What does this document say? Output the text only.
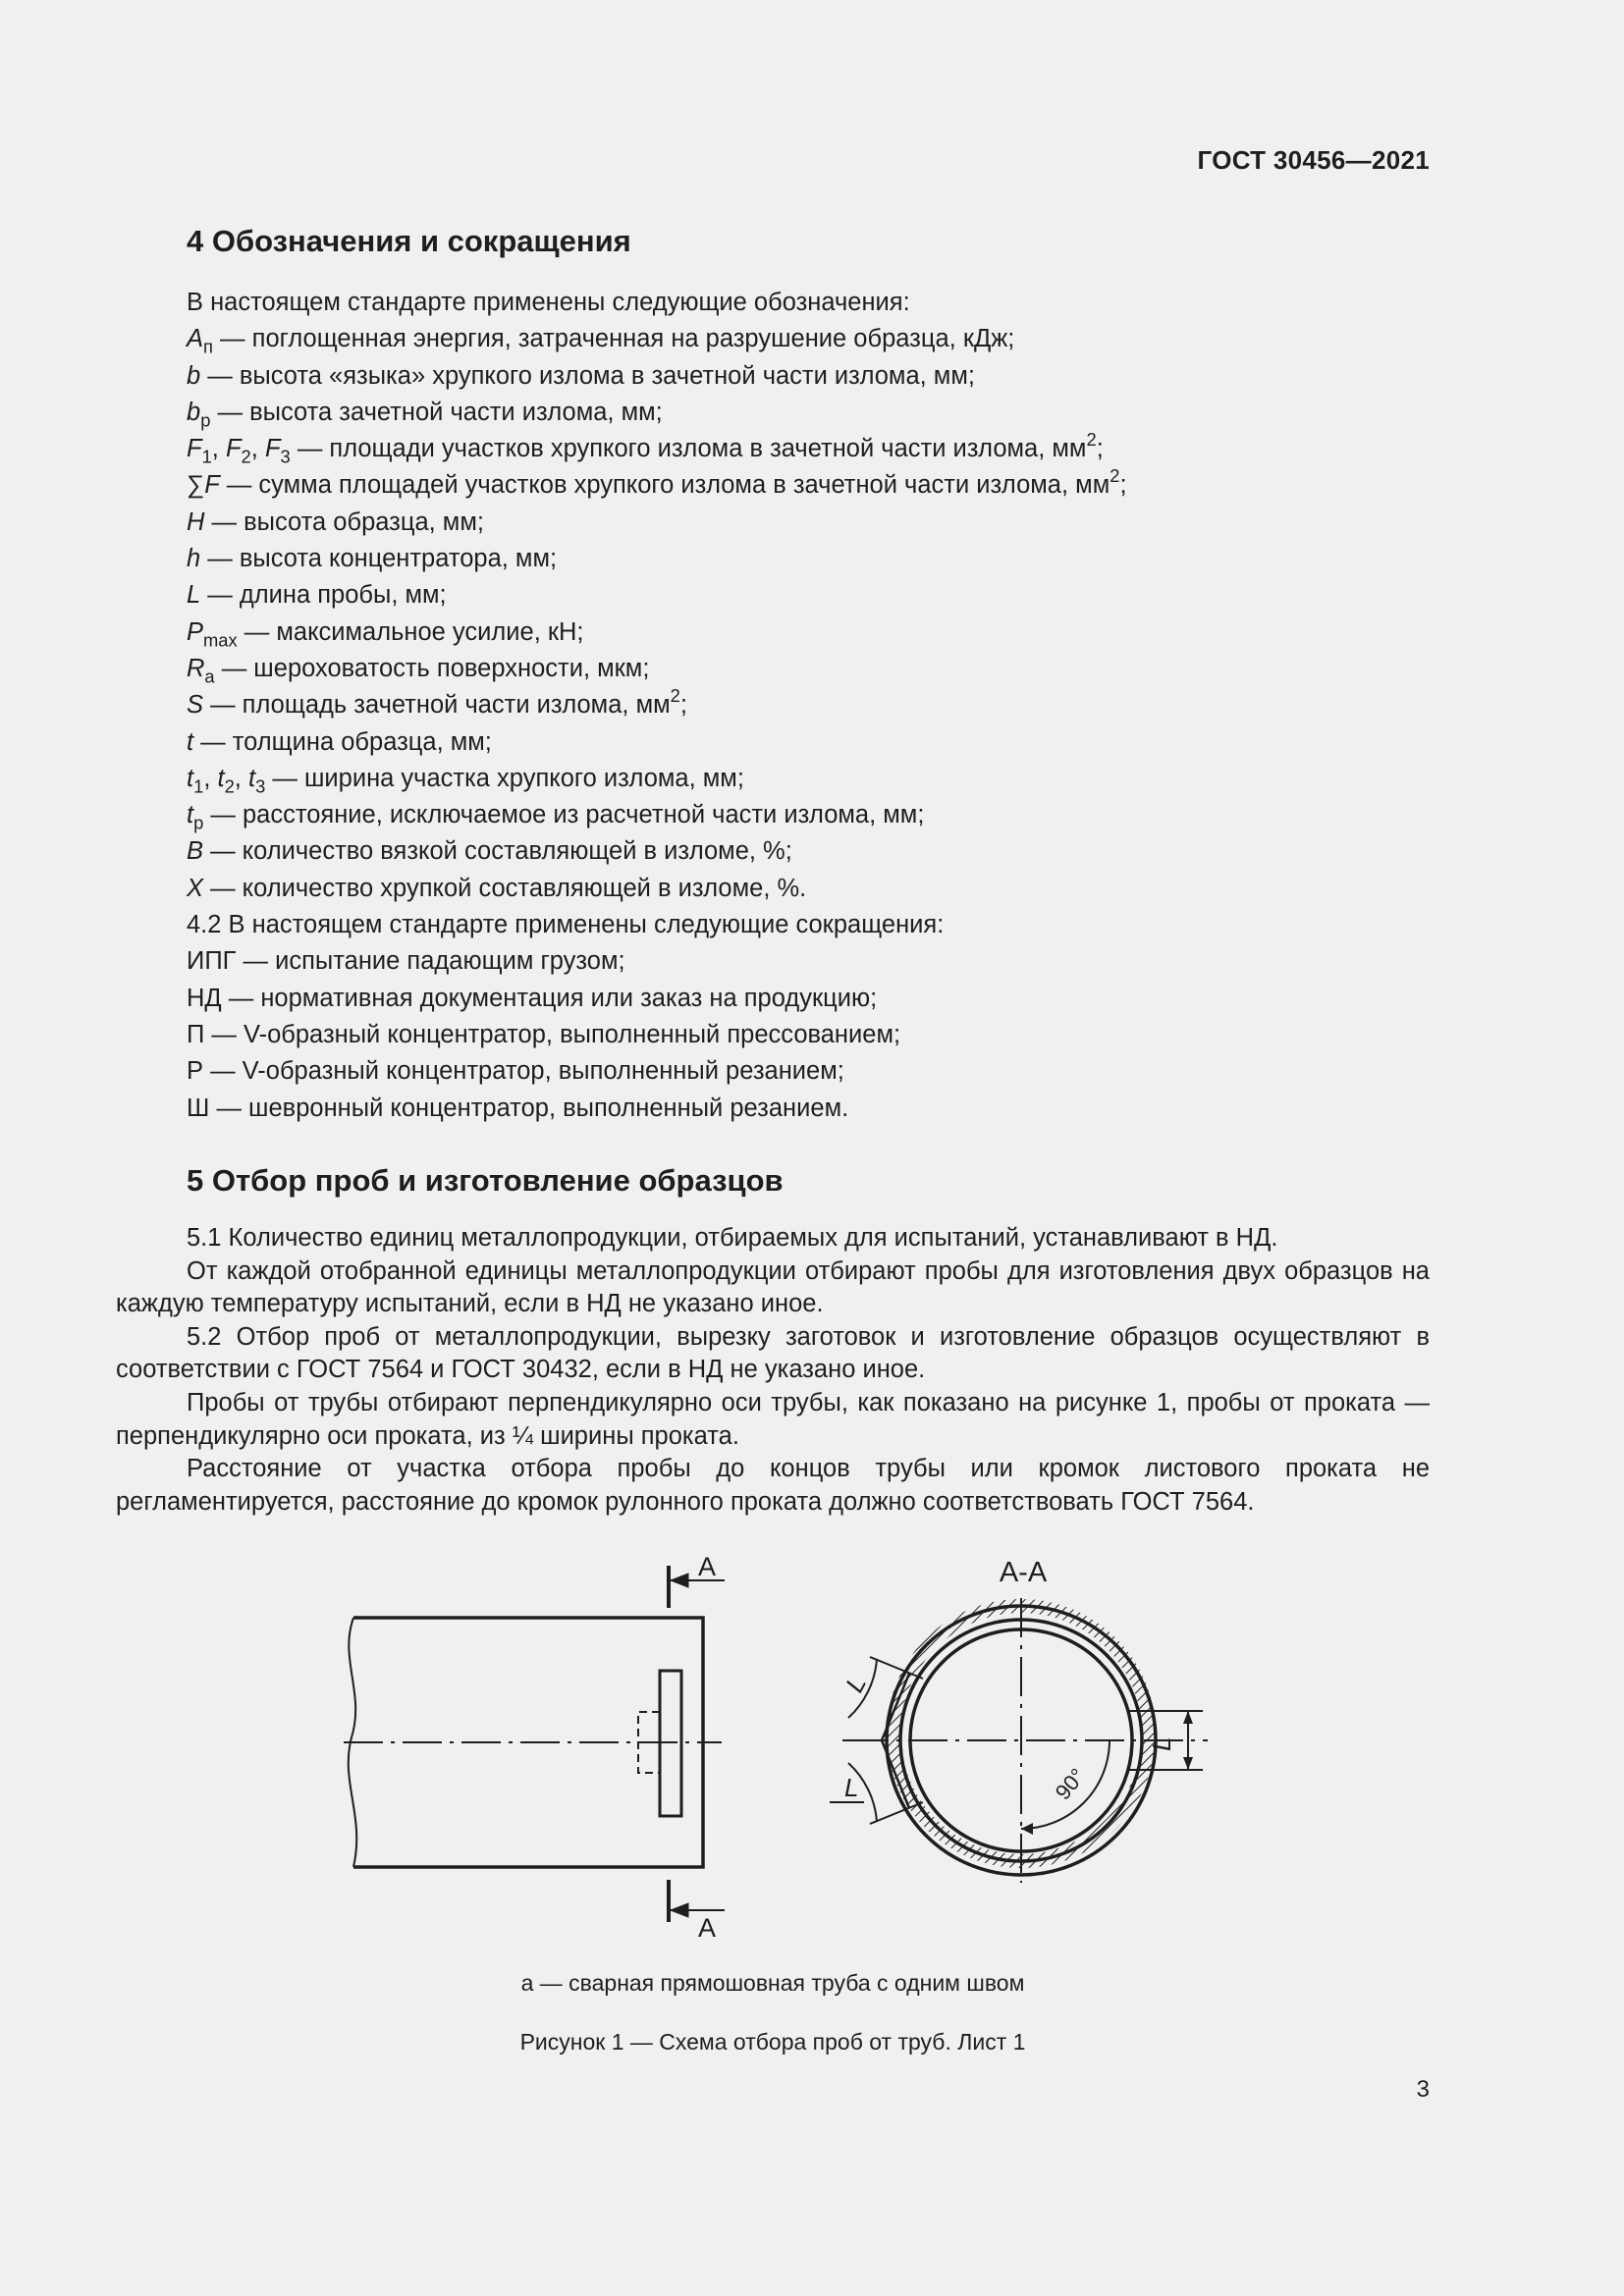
ГОСТ 30456—2021
4 Обозначения и сокращения
В настоящем стандарте применены следующие обозначения:
$A_п$ — поглощенная энергия, затраченная на разрушение образца, кДж;
b — высота «языка» хрупкого излома в зачетной части излома, мм;
$b_р$ — высота зачетной части излома, мм;
$F_1$, $F_2$, $F_3$ — площади участков хрупкого излома в зачетной части излома, $мм^2$;
∑F — сумма площадей участков хрупкого излома в зачетной части излома, $мм^2$;
H — высота образца, мм;
h — высота концентратора, мм;
L — длина пробы, мм;
$P_{max}$ — максимальное усилие, кН;
$R_a$ — шероховатость поверхности, мкм;
S — площадь зачетной части излома, $мм^2$;
t — толщина образца, мм;
$t_1$, $t_2$, $t_3$ — ширина участка хрупкого излома, мм;
$t_р$ — расстояние, исключаемое из расчетной части излома, мм;
B — количество вязкой составляющей в изломе, %;
X — количество хрупкой составляющей в изломе, %.
4.2 В настоящем стандарте применены следующие сокращения:
ИПГ — испытание падающим грузом;
НД — нормативная документация или заказ на продукцию;
П — V-образный концентратор, выполненный прессованием;
Р — V-образный концентратор, выполненный резанием;
Ш — шевронный концентратор, выполненный резанием.
5 Отбор проб и изготовление образцов

5.1 Количество единиц металлопродукции, отбираемых для испытаний, устанавливают в НД.

От каждой отобранной единицы металлопродукции отбирают пробы для изготовления двух образцов на каждую температуру испытаний, если в НД не указано иное.

5.2 Отбор проб от металлопродукции, вырезку заготовок и изготовление образцов осуществляют в соответствии с ГОСТ 7564 и ГОСТ 30432, если в НД не указано иное.

Пробы от трубы отбирают перпендикулярно оси трубы, как показано на рисунке 1, пробы от проката — перпендикулярно оси проката, из ¼ ширины проката.

Расстояние от участка отбора пробы до концов трубы или кромок листового проката не регламентируется, расстояние до кромок рулонного проката должно соответствовать ГОСТ 7564.

A
A
А-А
L
L
L
90°
а — сварная прямошовная труба с одним швом
Рисунок 1 — Схема отбора проб от труб. Лист 1
3
